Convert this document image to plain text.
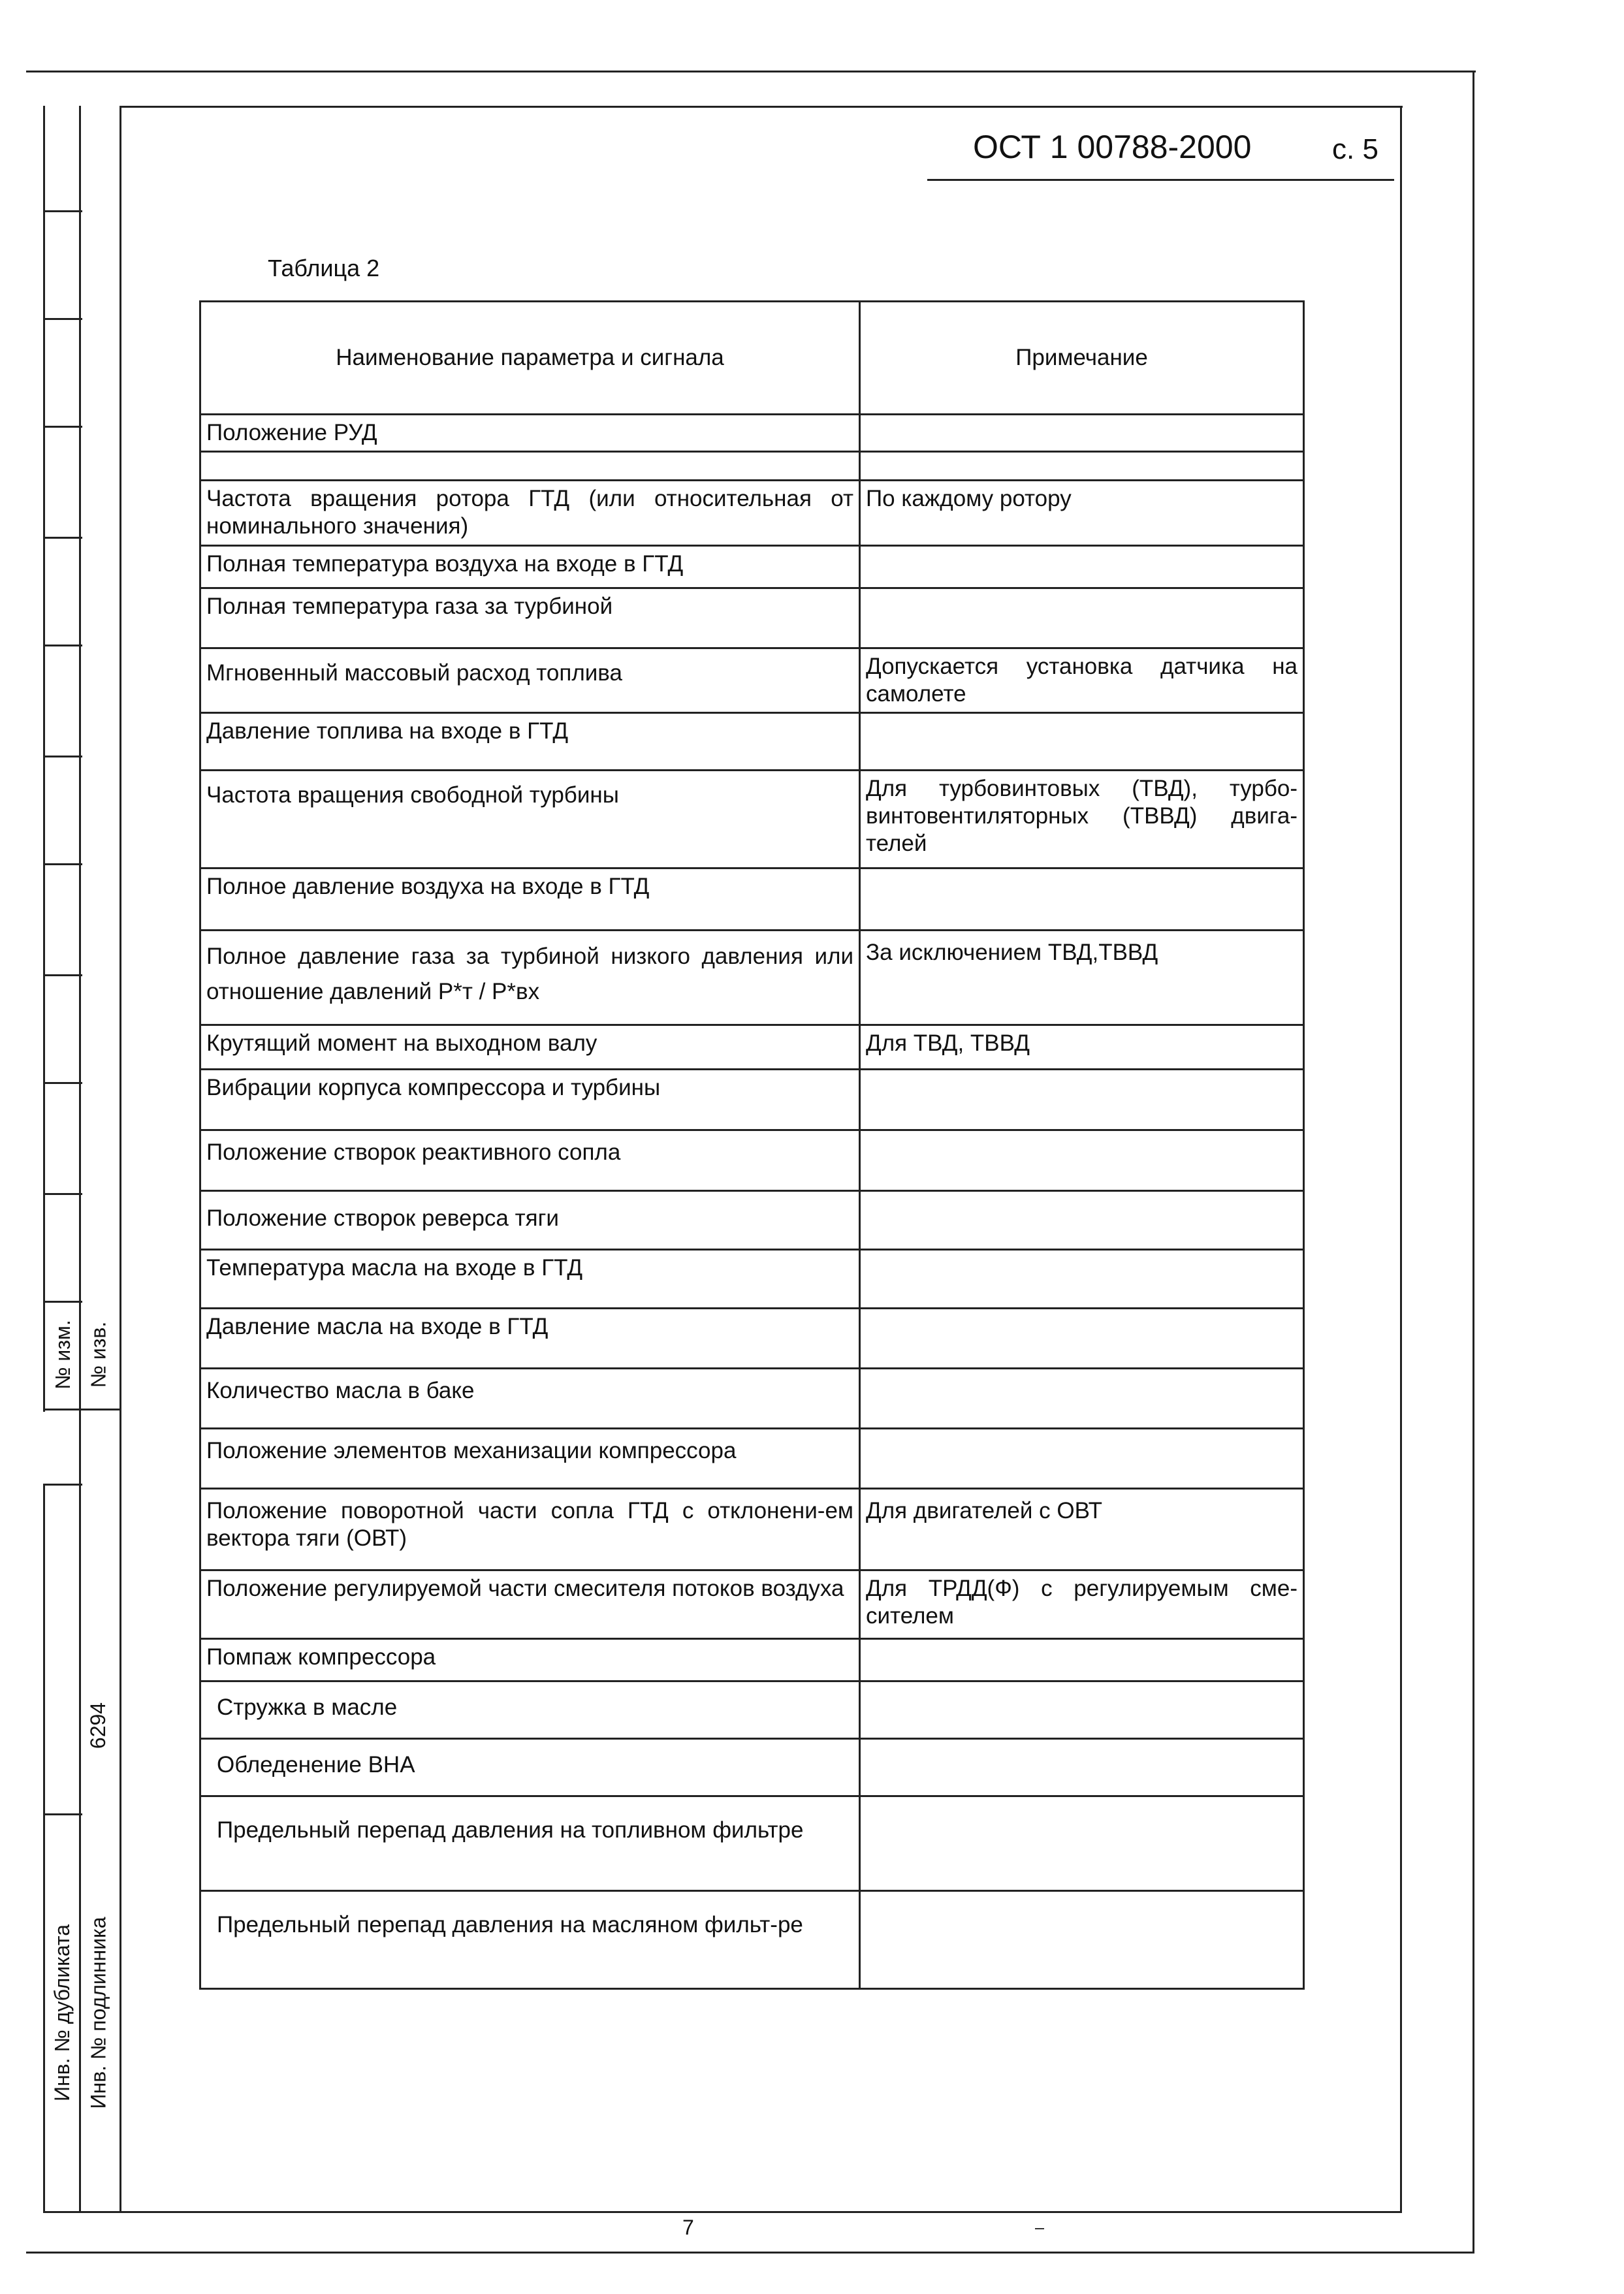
№ изм. № изв.
6294
Инв. № дубликата Инв. № подлинника
ОСТ 1 00788-2000	с. 5
Таблица 2
Наименование параметра и сигнала	Примечание
Положение РУД	

Частота вращения ротора ГТД (или относительная от номинального значения)	По каждому ротору
Полная температура воздуха на входе в ГТД	
Полная температура газа за турбиной	
Мгновенный массовый расход топлива	Допускается установка датчика на самолете
Давление топлива на входе в ГТД	
Частота вращения свободной турбины	Для турбовинтовых (ТВД), турбо-винтовентиляторных (ТВВД) двига-телей
Полное давление воздуха на входе в ГТД	
Полное давление газа за турбиной низкого давления или отношение давлений P*т / P*вх	За исключением ТВД,ТВВД
Крутящий момент на выходном валу	Для ТВД, ТВВД
Вибрации корпуса компрессора и турбины	
Положение створок реактивного сопла	
Положение створок реверса тяги	
Температура масла на входе в ГТД	
Давление масла на входе в ГТД	
Количество масла в баке	
Положение элементов механизации компрессора	
Положение поворотной части сопла ГТД с отклонени-ем вектора тяги (ОВТ)	Для двигателей с ОВТ
Положение регулируемой части смесителя потоков воздуха	Для ТРДД(Ф) с регулируемым сме-сителем
Помпаж компрессора	
Стружка в масле	
Обледенение ВНА	
Предельный перепад давления на топливном фильтре	
Предельный перепад давления на масляном фильт-ре	
7
